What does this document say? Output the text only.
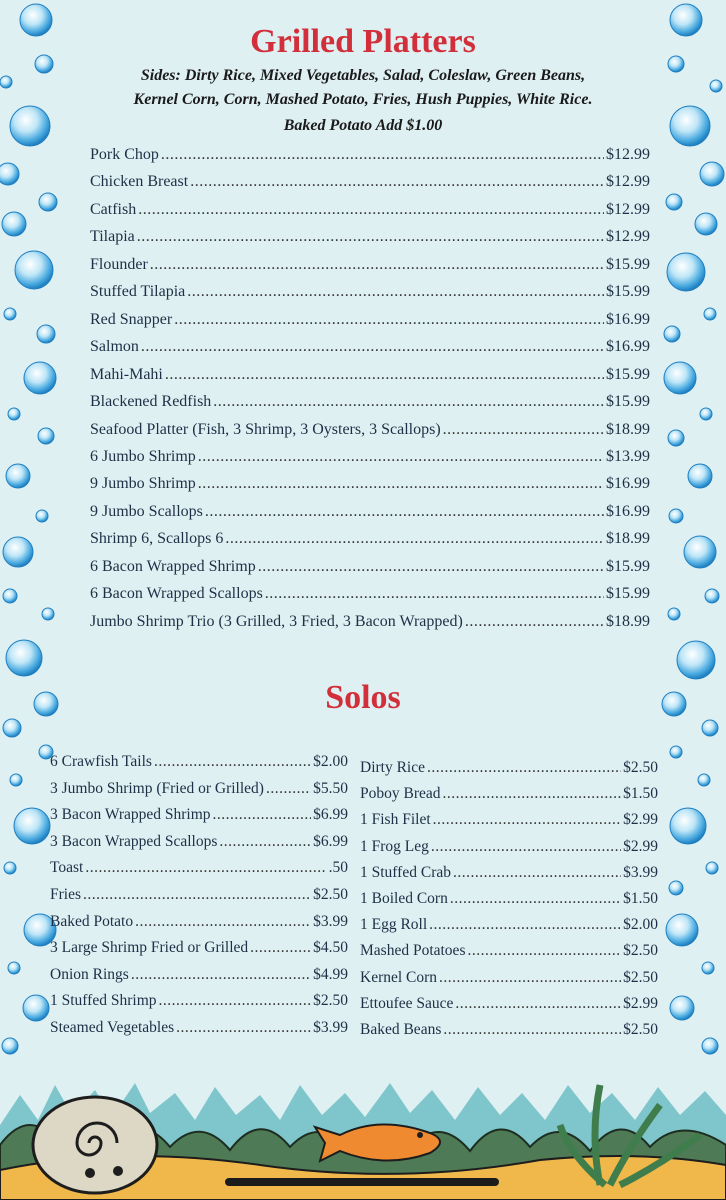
Grilled Platters
Sides: Dirty Rice, Mixed Vegetables, Salad, Coleslaw, Green Beans,
Kernel Corn, Corn, Mashed Potato, Fries, Hush Puppies, White Rice.
Baked Potato Add $1.00
Pork Chop .....	$12.99
Chicken Breast .....	$12.99
Catfish .....	$12.99
Tilapia .....	$12.99
Flounder .....	$15.99
Stuffed Tilapia .....	$15.99
Red Snapper .....	$16.99
Salmon .....	$16.99
Mahi-Mahi .....	$15.99
Blackened Redfish .....	$15.99
Seafood Platter (Fish, 3 Shrimp, 3 Oysters, 3 Scallops) .....	$18.99
6 Jumbo Shrimp .....	$13.99
9 Jumbo Shrimp .....	$16.99
9 Jumbo Scallops .....	$16.99
Shrimp 6, Scallops 6 .....	$18.99
6 Bacon Wrapped Shrimp .....	$15.99
6 Bacon Wrapped Scallops .....	$15.99
Jumbo Shrimp Trio (3 Grilled, 3 Fried, 3 Bacon Wrapped) .....	$18.99
Solos
6 Crawfish Tails .....	$2.00
3 Jumbo Shrimp (Fried or Grilled) .....	$5.50
3 Bacon Wrapped Shrimp .....	$6.99
3 Bacon Wrapped Scallops .....	$6.99
Toast .....	.50
Fries .....	$2.50
Baked Potato .....	$3.99
3 Large Shrimp Fried or Grilled .....	$4.50
Onion Rings .....	$4.99
1 Stuffed Shrimp .....	$2.50
Steamed Vegetables .....	$3.99
Dirty Rice .....	$2.50
Poboy Bread .....	$1.50
1 Fish Filet .....	$2.99
1 Frog Leg .....	$2.99
1 Stuffed Crab .....	$3.99
1 Boiled Corn .....	$1.50
1 Egg Roll .....	$2.00
Mashed Potatoes .....	$2.50
Kernel Corn .....	$2.50
Ettoufee Sauce .....	$2.99
Baked Beans .....	$2.50
